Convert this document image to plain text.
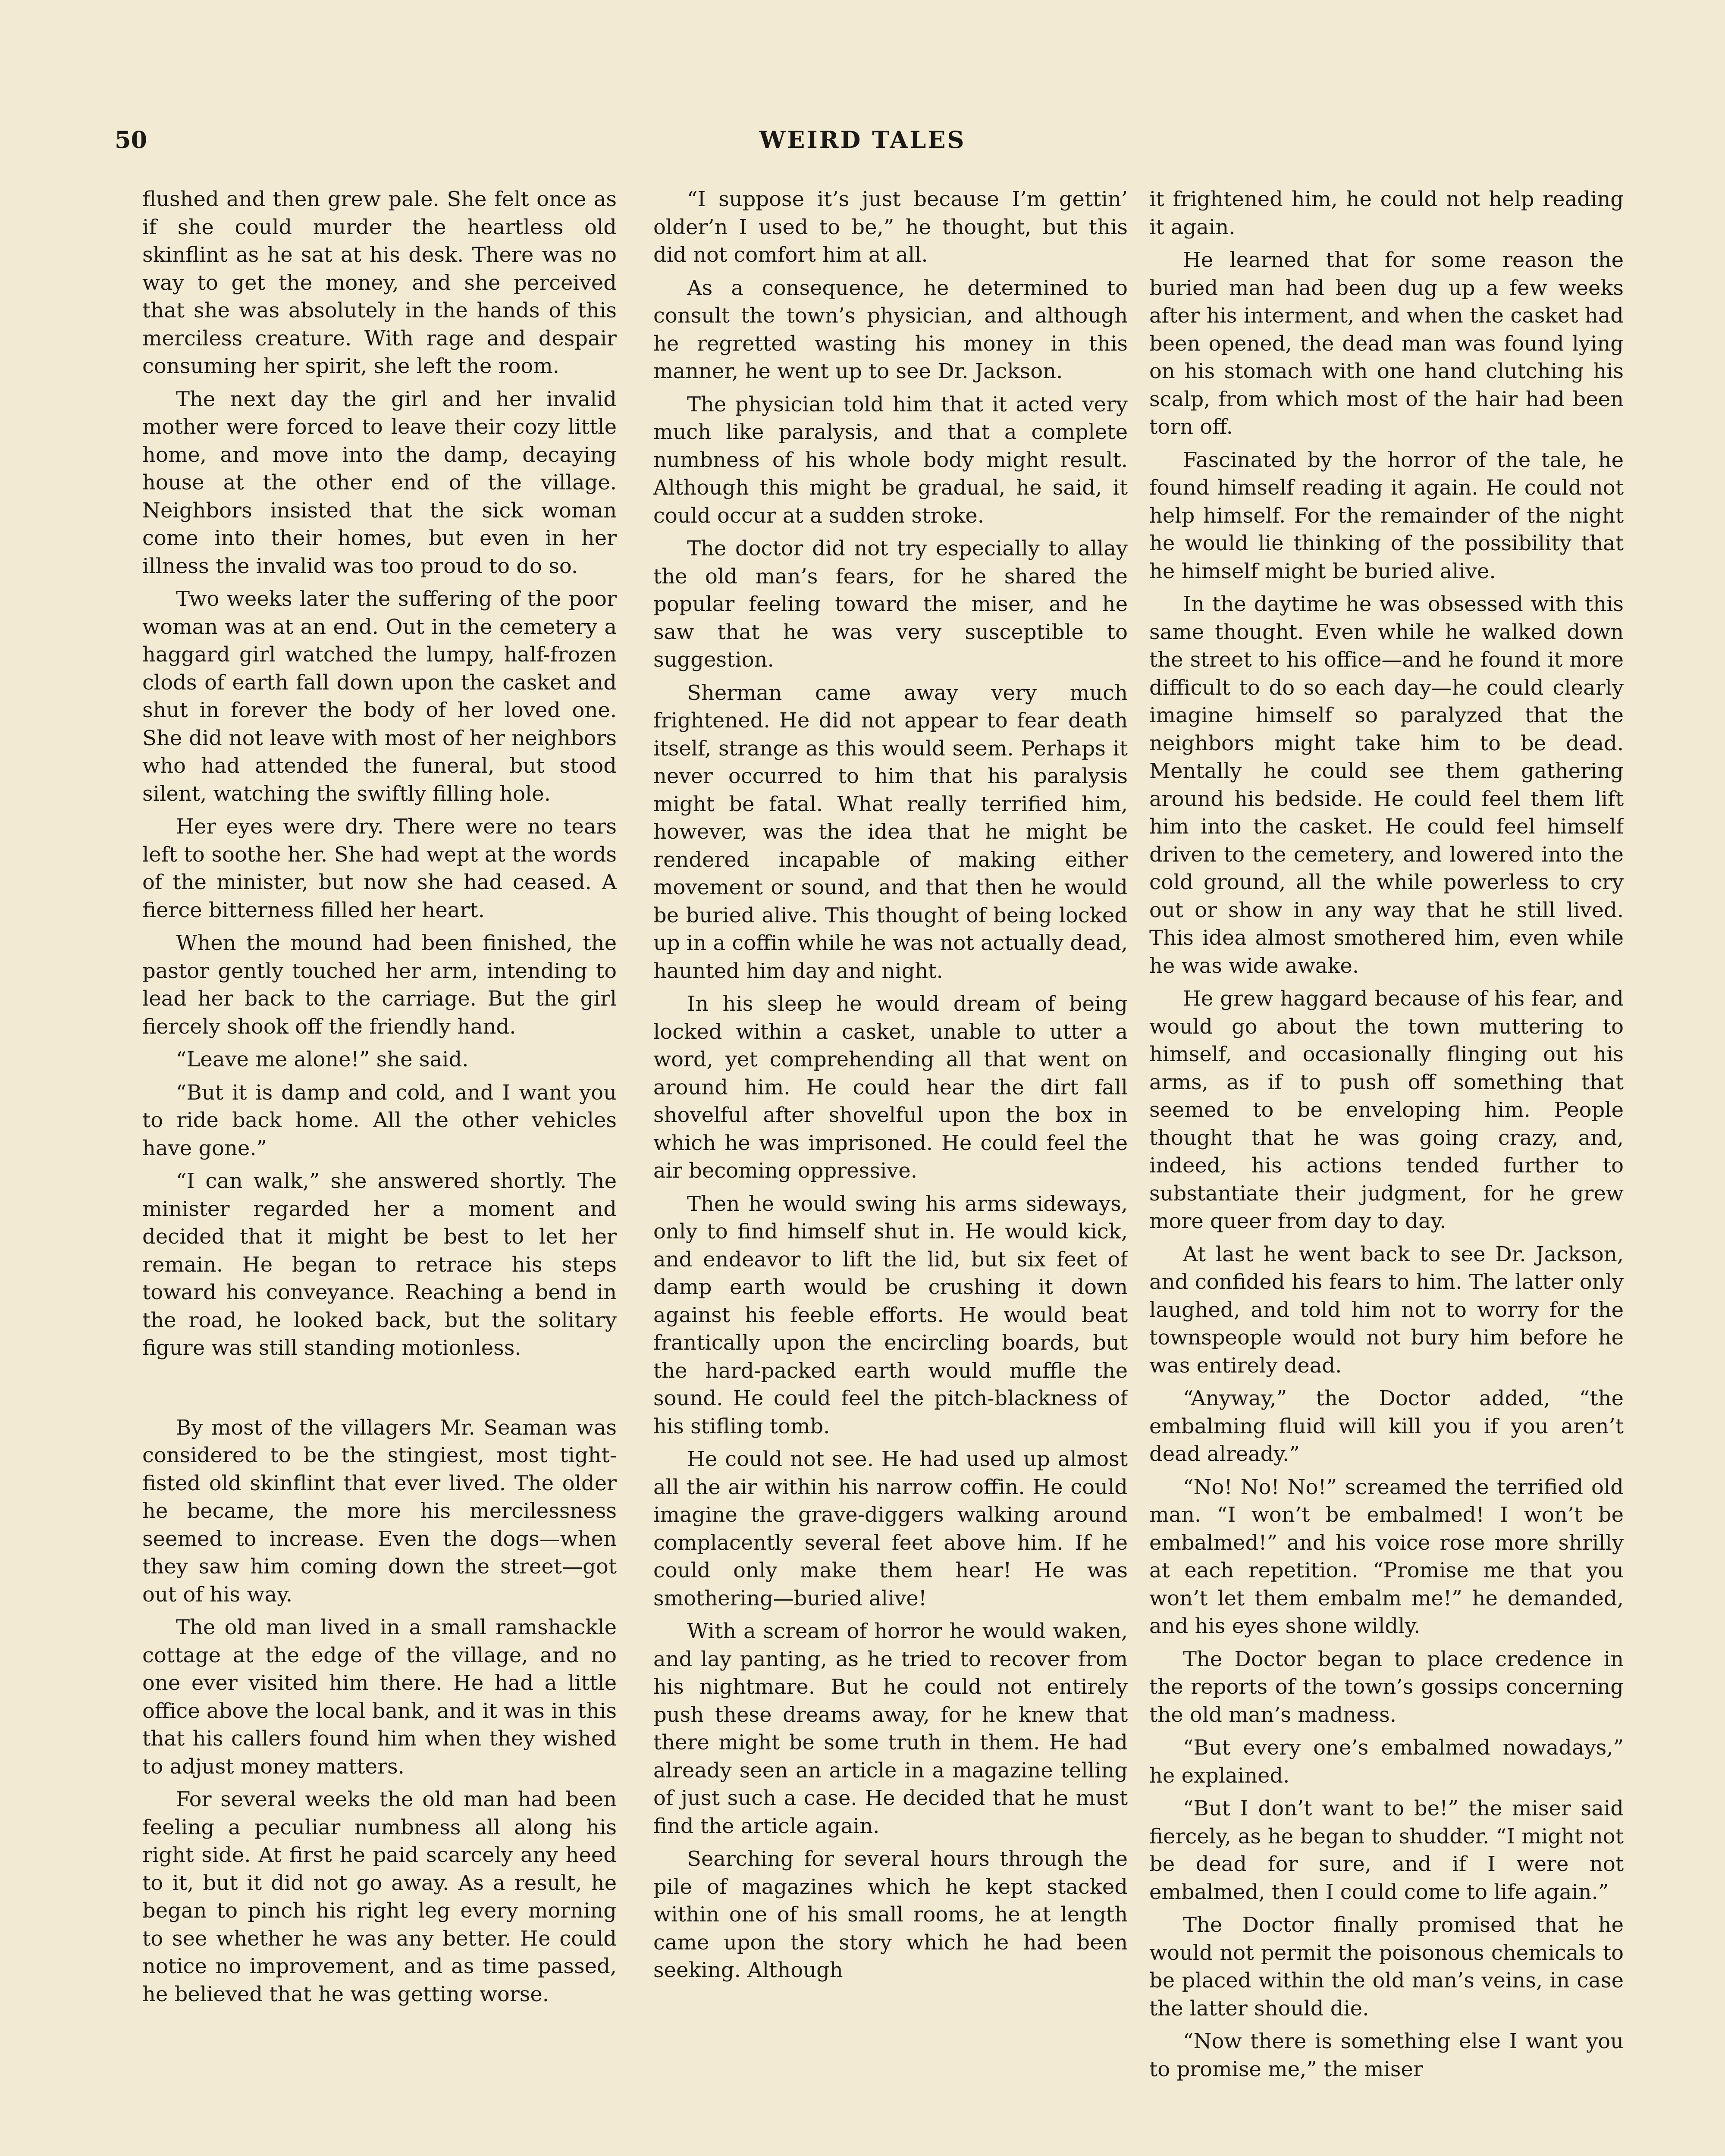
50	WEIRD TALES

flushed and then grew pale. She felt once as if she could murder the heartless old skinflint as he sat at his desk. There was no way to get the money, and she perceived that she was absolutely in the hands of this merciless creature. With rage and despair consuming her spirit, she left the room.

The next day the girl and her invalid mother were forced to leave their cozy little home, and move into the damp, decaying house at the other end of the village. Neighbors insisted that the sick woman come into their homes, but even in her illness the invalid was too proud to do so.

Two weeks later the suffering of the poor woman was at an end. Out in the cemetery a haggard girl watched the lumpy, half-frozen clods of earth fall down upon the casket and shut in forever the body of her loved one. She did not leave with most of her neighbors who had attended the funeral, but stood silent, watching the swiftly filling hole.

Her eyes were dry. There were no tears left to soothe her. She had wept at the words of the minister, but now she had ceased. A fierce bitterness filled her heart.

When the mound had been finished, the pastor gently touched her arm, intending to lead her back to the carriage. But the girl fiercely shook off the friendly hand.

“Leave me alone!” she said.

“But it is damp and cold, and I want you to ride back home. All the other vehicles have gone.”

“I can walk,” she answered shortly. The minister regarded her a moment and decided that it might be best to let her remain. He began to retrace his steps toward his conveyance. Reaching a bend in the road, he looked back, but the solitary figure was still standing motionless.

By most of the villagers Mr. Seaman was considered to be the stingiest, most tight-fisted old skinflint that ever lived. The older he became, the more his mercilessness seemed to increase. Even the dogs—when they saw him coming down the street—got out of his way.

The old man lived in a small ramshackle cottage at the edge of the village, and no one ever visited him there. He had a little office above the local bank, and it was in this that his callers found him when they wished to adjust money matters.

For several weeks the old man had been feeling a peculiar numbness all along his right side. At first he paid scarcely any heed to it, but it did not go away. As a result, he began to pinch his right leg every morning to see whether he was any better. He could notice no improvement, and as time passed, he believed that he was getting worse.

“I suppose it’s just because I’m gettin’ older’n I used to be,” he thought, but this did not comfort him at all.

As a consequence, he determined to consult the town’s physician, and although he regretted wasting his money in this manner, he went up to see Dr. Jackson.

The physician told him that it acted very much like paralysis, and that a complete numbness of his whole body might result. Although this might be gradual, he said, it could occur at a sudden stroke.

The doctor did not try especially to allay the old man’s fears, for he shared the popular feeling toward the miser, and he saw that he was very susceptible to suggestion.

Sherman came away very much frightened. He did not appear to fear death itself, strange as this would seem. Perhaps it never occurred to him that his paralysis might be fatal. What really terrified him, however, was the idea that he might be rendered incapable of making either movement or sound, and that then he would be buried alive. This thought of being locked up in a coffin while he was not actually dead, haunted him day and night.

In his sleep he would dream of being locked within a casket, unable to utter a word, yet comprehending all that went on around him. He could hear the dirt fall shovelful after shovelful upon the box in which he was imprisoned. He could feel the air becoming oppressive.

Then he would swing his arms sideways, only to find himself shut in. He would kick, and endeavor to lift the lid, but six feet of damp earth would be crushing it down against his feeble efforts. He would beat frantically upon the encircling boards, but the hard-packed earth would muffle the sound. He could feel the pitch-blackness of his stifling tomb.

He could not see. He had used up almost all the air within his narrow coffin. He could imagine the grave-diggers walking around complacently several feet above him. If he could only make them hear! He was smothering—buried alive!

With a scream of horror he would waken, and lay panting, as he tried to recover from his nightmare. But he could not entirely push these dreams away, for he knew that there might be some truth in them. He had already seen an article in a magazine telling of just such a case. He decided that he must find the article again.

Searching for several hours through the pile of magazines which he kept stacked within one of his small rooms, he at length came upon the story which he had been seeking. Although

it frightened him, he could not help reading it again.

He learned that for some reason the buried man had been dug up a few weeks after his interment, and when the casket had been opened, the dead man was found lying on his stomach with one hand clutching his scalp, from which most of the hair had been torn off.

Fascinated by the horror of the tale, he found himself reading it again. He could not help himself. For the remainder of the night he would lie thinking of the possibility that he himself might be buried alive.

In the daytime he was obsessed with this same thought. Even while he walked down the street to his office—and he found it more difficult to do so each day—he could clearly imagine himself so paralyzed that the neighbors might take him to be dead. Mentally he could see them gathering around his bedside. He could feel them lift him into the casket. He could feel himself driven to the cemetery, and lowered into the cold ground, all the while powerless to cry out or show in any way that he still lived. This idea almost smothered him, even while he was wide awake.

He grew haggard because of his fear, and would go about the town muttering to himself, and occasionally flinging out his arms, as if to push off something that seemed to be enveloping him. People thought that he was going crazy, and, indeed, his actions tended further to substantiate their judgment, for he grew more queer from day to day.

At last he went back to see Dr. Jackson, and confided his fears to him. The latter only laughed, and told him not to worry for the townspeople would not bury him before he was entirely dead.

“Anyway,” the Doctor added, “the embalming fluid will kill you if you aren’t dead already.”

“No! No! No!” screamed the terrified old man. “I won’t be embalmed! I won’t be embalmed!” and his voice rose more shrilly at each repetition. “Promise me that you won’t let them embalm me!” he demanded, and his eyes shone wildly.

The Doctor began to place credence in the reports of the town’s gossips concerning the old man’s madness.

“But every one’s embalmed nowadays,” he explained.

“But I don’t want to be!” the miser said fiercely, as he began to shudder. “I might not be dead for sure, and if I were not embalmed, then I could come to life again.”

The Doctor finally promised that he would not permit the poisonous chemicals to be placed within the old man’s veins, in case the latter should die.

“Now there is something else I want you to promise me,” the miser
